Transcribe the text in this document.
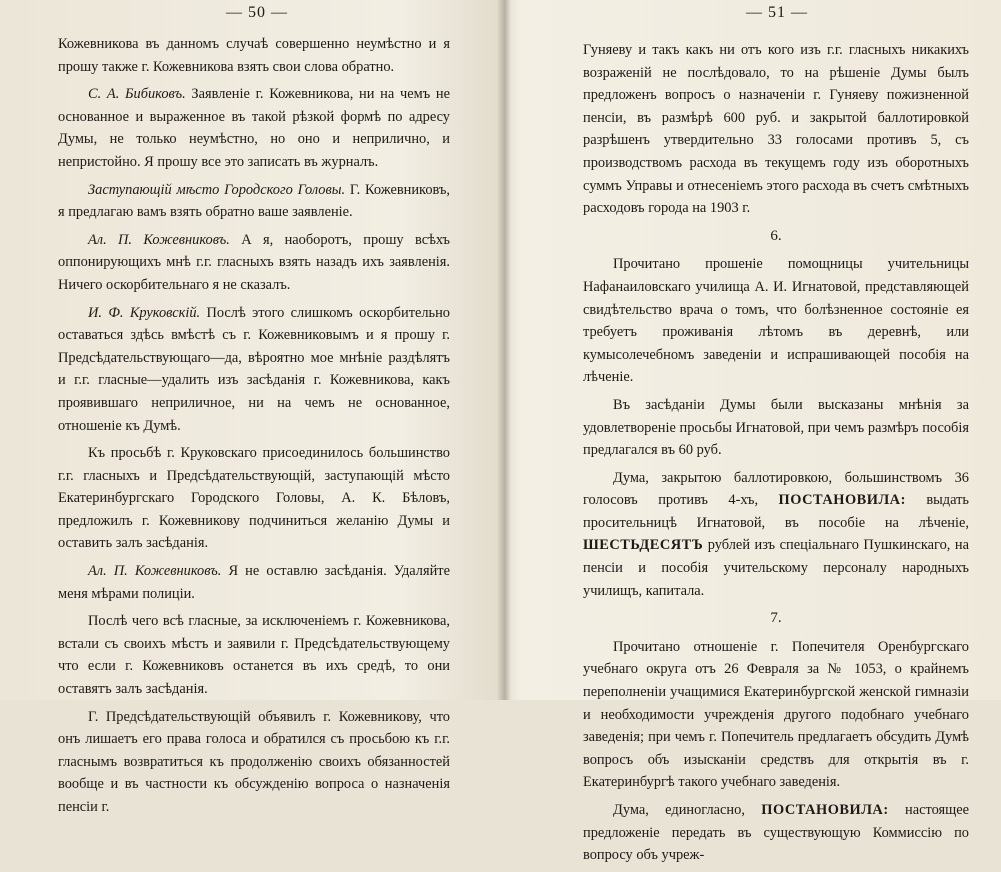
— 50 —

Кожевникова въ данномъ случаѣ совершенно неумѣстно и я прошу также г. Кожевникова взять свои слова обратно.

С. А. Бибиковъ. Заявленіе г. Кожевникова, ни на чемъ не основанное и выраженное въ такой рѣзкой формѣ по адресу Думы, не только неумѣстно, но оно и неприлично, и непристойно. Я прошу все это записать въ журналъ.

Заступающій мѣсто Городского Головы. Г. Кожевниковъ, я предлагаю вамъ взять обратно ваше заявленіе.

Ал. П. Кожевниковъ. А я, наоборотъ, прошу всѣхъ оппонирующихъ мнѣ г.г. гласныхъ взять назадъ ихъ заявленія. Ничего оскорбительнаго я не сказалъ.

И. Ф. Круковскій. Послѣ этого слишкомъ оскорбительно оставаться здѣсь вмѣстѣ съ г. Кожевниковымъ и я прошу г. Предсѣдательствующаго—да, вѣроятно мое мнѣніе раздѣлятъ и г.г. гласные—удалить изъ засѣданія г. Кожевникова, какъ проявившаго неприличное, ни на чемъ не основанное, отношеніе къ Думѣ.

Къ просьбѣ г. Круковскаго присоединилось большинство г.г. гласныхъ и Предсѣдательствующій, заступающій мѣсто Екатеринбургскаго Городского Головы, А. К. Бѣловъ, предложилъ г. Кожевникову подчиниться желанію Думы и оставить залъ засѣданія.

Ал. П. Кожевниковъ. Я не оставлю засѣданія. Удаляйте меня мѣрами полиціи.

Послѣ чего всѣ гласные, за исключеніемъ г. Кожевникова, встали съ своихъ мѣстъ и заявили г. Предсѣдательствующему что если г. Кожевниковъ останется въ ихъ средѣ, то они оставятъ залъ засѣданія.

Г. Предсѣдательствующій объявилъ г. Кожевникову, что онъ лишаетъ его права голоса и обратился съ просьбою къ г.г. гласнымъ возвратиться къ продолженію своихъ обязанностей вообще и въ частности къ обсужденію вопроса о назначенія пенсіи г.

— 51 —

Гуняеву и такъ какъ ни отъ кого изъ г.г. гласныхъ никакихъ возраженій не послѣдовало, то на рѣшеніе Думы былъ предложенъ вопросъ о назначеніи г. Гуняеву пожизненной пенсіи, въ размѣрѣ 600 руб. и закрытой баллотировкой разрѣшенъ утвердительно 33 голосами противъ 5, съ производствомъ расхода въ текущемъ году изъ оборотныхъ суммъ Управы и отнесеніемъ этого расхода въ счетъ смѣтныхъ расходовъ города на 1903 г.

6.

Прочитано прошеніе помощницы учительницы Нафанаиловскаго училища А. И. Игнатовой, представляющей свидѣтельство врача о томъ, что болѣзненное состояніе ея требуетъ проживанія лѣтомъ въ деревнѣ, или кумысолечебномъ заведеніи и испрашивающей пособія на лѣченіе.

Въ засѣданіи Думы были высказаны мнѣнія за удовлетвореніе просьбы Игнатовой, при чемъ размѣръ пособія предлагался въ 60 руб.

Дума, закрытою баллотировкою, большинствомъ 36 голосовъ противъ 4-хъ, ПОСТАНОВИЛА: выдать просительницѣ Игнатовой, въ пособіе на лѣченіе, ШЕСТЬДЕСЯТЪ рублей изъ спеціальнаго Пушкинскаго, на пенсіи и пособія учительскому персоналу народныхъ училищъ, капитала.

7.

Прочитано отношеніе г. Попечителя Оренбургскаго учебнаго округа отъ 26 Февраля за № 1053, о крайнемъ переполненіи учащимися Екатеринбургской женской гимназіи и необходимости учрежденія другого подобнаго учебнаго заведенія; при чемъ г. Попечитель предлагаетъ обсудить Думѣ вопросъ объ изысканіи средствъ для открытія въ г. Екатеринбургѣ такого учебнаго заведенія.

Дума, единогласно, ПОСТАНОВИЛА: настоящее предложеніе передать въ существующую Коммиссію по вопросу объ учреж-
